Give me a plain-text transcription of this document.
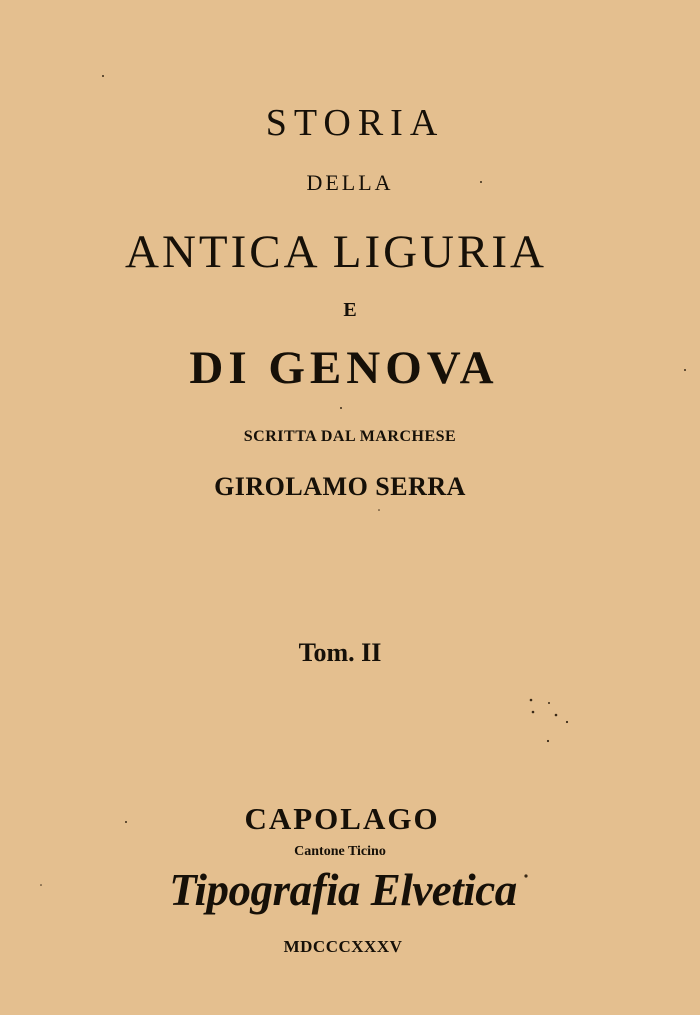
STORIA
DELLA
ANTICA LIGURIA
E
DI GENOVA
SCRITTA DAL MARCHESE
GIROLAMO SERRA
Tom. II
CAPOLAGO
Cantone Ticino
Tipografia Elvetica
MDCCCXXXV
